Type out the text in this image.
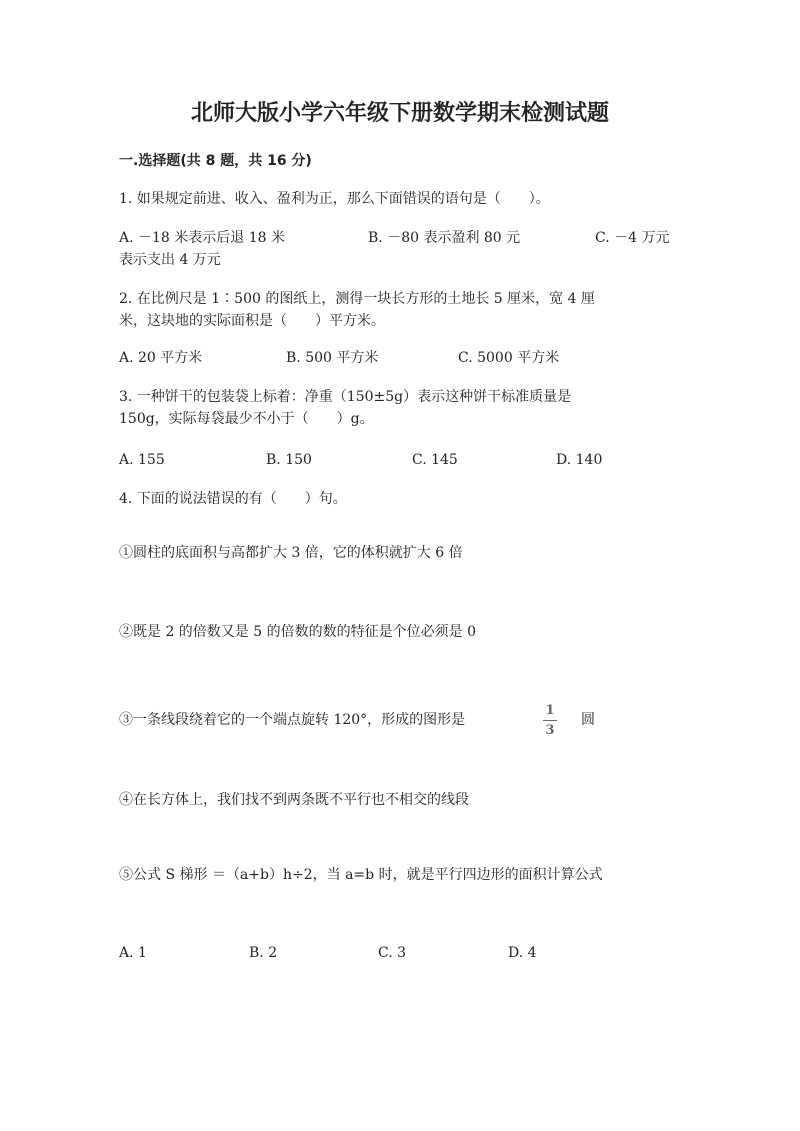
北师大版小学六年级下册数学期末检测试题
一.选择题(共 8 题，共 16 分)
1. 如果规定前进、收入、盈利为正，那么下面错误的语句是（　　）。
A. －18 米表示后退 18 米	B. －80 表示盈利 80 元	C. －4 万元
表示支出 4 万元
2. 在比例尺是 1∶500 的图纸上，测得一块长方形的土地长 5 厘米，宽 4 厘
米，这块地的实际面积是（　　）平方米。
A. 20 平方米	B. 500 平方米	C. 5000 平方米
3. 一种饼干的包装袋上标着：净重（150±5g）表示这种饼干标准质量是
150g，实际每袋最少不小于（　　）g。
A. 155	B. 150	C. 145	D. 140
4. 下面的说法错误的有（　　）句。
①圆柱的底面积与高都扩大 3 倍，它的体积就扩大 6 倍
②既是 2 的倍数又是 5 的倍数的数的特征是个位必须是 0
③一条线段绕着它的一个端点旋转 120°，形成的图形是
1
3
圆
④在长方体上，我们找不到两条既不平行也不相交的线段
⑤公式 S 梯形 ＝（a+b）h÷2，当 a=b 时，就是平行四边形的面积计算公式
A. 1	B. 2	C. 3	D. 4
